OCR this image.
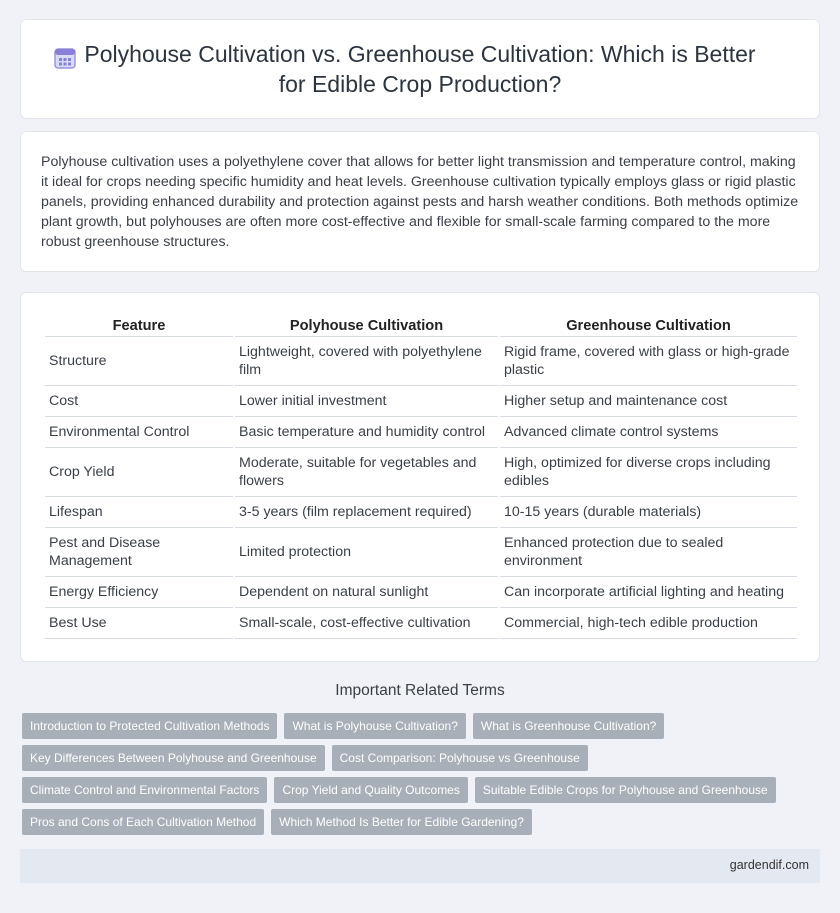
Polyhouse Cultivation vs. Greenhouse Cultivation: Which is Better for Edible Crop Production?

Polyhouse cultivation uses a polyethylene cover that allows for better light transmission and temperature control, making it ideal for crops needing specific humidity and heat levels. Greenhouse cultivation typically employs glass or rigid plastic panels, providing enhanced durability and protection against pests and harsh weather conditions. Both methods optimize plant growth, but polyhouses are often more cost-effective and flexible for small-scale farming compared to the more robust greenhouse structures.

Feature	Polyhouse Cultivation	Greenhouse Cultivation
Structure	Lightweight, covered with polyethylene film	Rigid frame, covered with glass or high-grade plastic
Cost	Lower initial investment	Higher setup and maintenance cost
Environmental Control	Basic temperature and humidity control	Advanced climate control systems
Crop Yield	Moderate, suitable for vegetables and flowers	High, optimized for diverse crops including edibles
Lifespan	3-5 years (film replacement required)	10-15 years (durable materials)
Pest and Disease Management	Limited protection	Enhanced protection due to sealed environment
Energy Efficiency	Dependent on natural sunlight	Can incorporate artificial lighting and heating
Best Use	Small-scale, cost-effective cultivation	Commercial, high-tech edible production
Important Related Terms
Introduction to Protected Cultivation Methods	What is Polyhouse Cultivation?	What is Greenhouse Cultivation?
Key Differences Between Polyhouse and Greenhouse	Cost Comparison: Polyhouse vs Greenhouse
Climate Control and Environmental Factors	Crop Yield and Quality Outcomes	Suitable Edible Crops for Polyhouse and Greenhouse
Pros and Cons of Each Cultivation Method	Which Method Is Better for Edible Gardening?
gardendif.com
